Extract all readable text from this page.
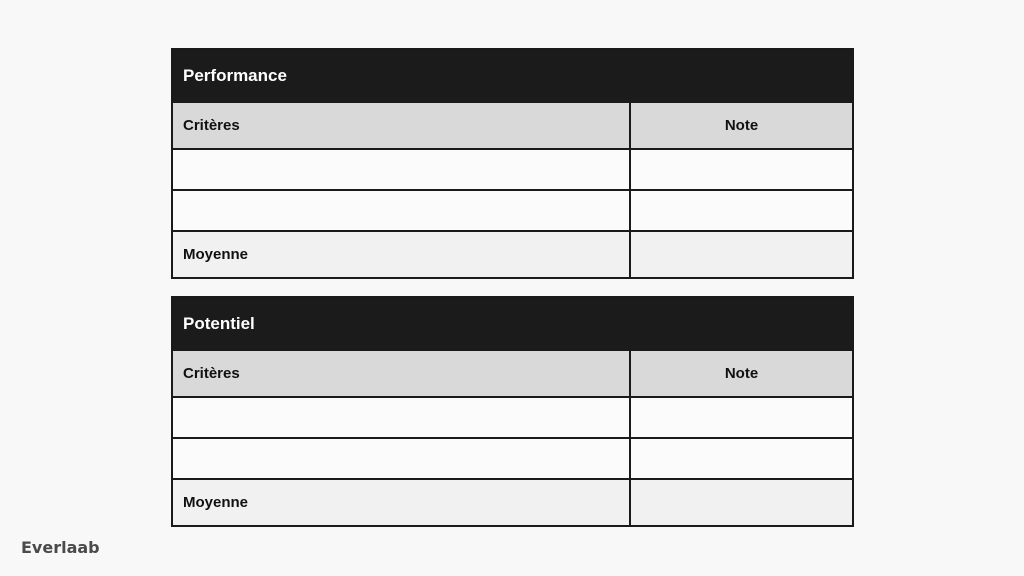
Performance	
Critères	Note

Moyenne	
Potentiel	
Critères	Note

Moyenne	
Everlaab
